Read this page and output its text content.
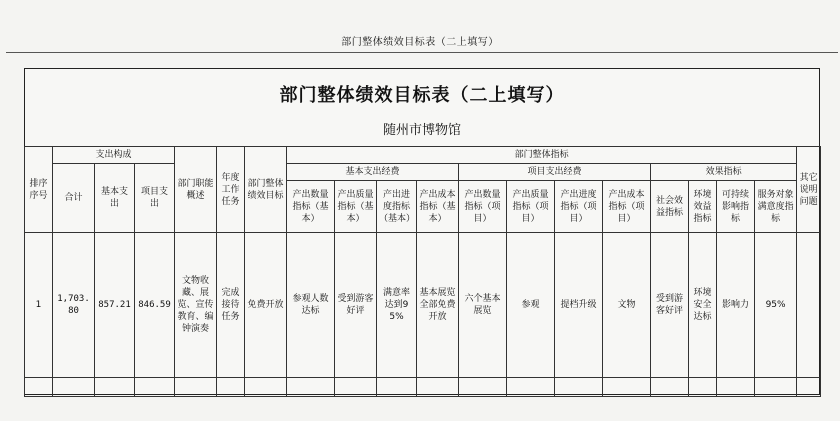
部门整体绩效目标表（二上填写）
部门整体绩效目标表（二上填写）
随州市博物馆
排序序号	支出构成			部门职能概述	年度工作任务	部门整体绩效目标	部门整体指标												其它说明问题
	合计	基本支出	项目支出				基本支出经费				项目支出经费				效果指标				
							产出数量指标（基本）	产出质量指标（基本）	产出进度指标（基本）	产出成本指标（基本）	产出数量指标（项目）	产出质量指标（项目）	产出进度指标（项目）	产出成本指标（项目）	社会效益指标	环境效益指标	可持续影响指标	服务对象满意度指标	
1	1,703.80	857.21	846.59	文物收藏、展览、宣传教育、编钟演奏	完成接待任务	免费开放	参观人数达标	受到游客好评	满意率达到95%	基本展览全部免费开放	六个基本展览	参观	提档升级	文物	受到游客好评	环境安全达标	影响力	95%	
